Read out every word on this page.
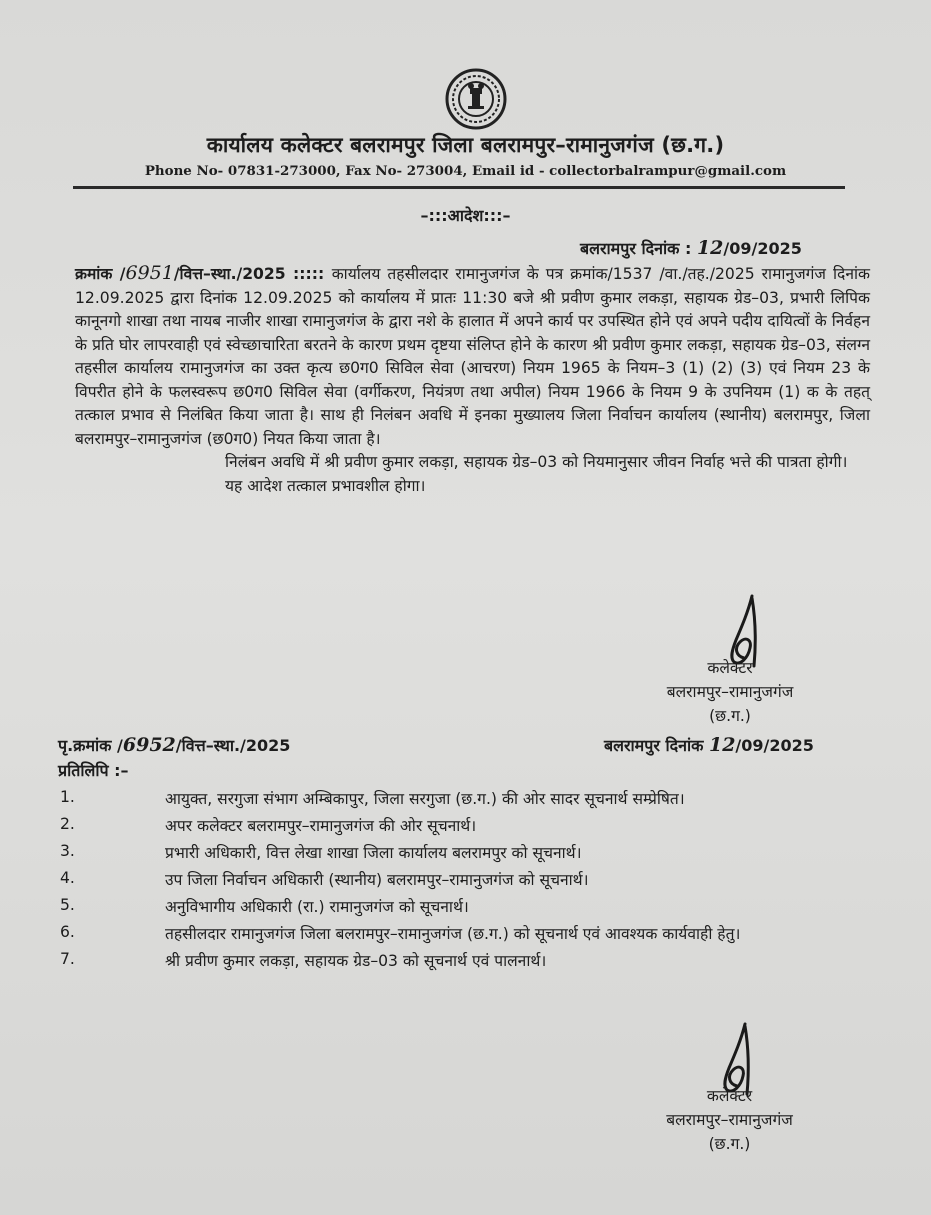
कार्यालय कलेक्टर बलरामपुर जिला बलरामपुर–रामानुजगंज (छ.ग.)
Phone No- 07831-273000, Fax No- 273004, Email id - collectorbalrampur@gmail.com
–:::आदेश:::–
बलरामपुर दिनांक : 12/09/2025

क्रमांक /6951/वित्त–स्था./2025 ::::: कार्यालय तहसीलदार रामानुजगंज के पत्र क्रमांक/1537 /वा./तह./2025 रामानुजगंज दिनांक 12.09.2025 द्वारा दिनांक 12.09.2025 को कार्यालय में प्रातः 11:30 बजे श्री प्रवीण कुमार लकड़ा, सहायक ग्रेड–03, प्रभारी लिपिक कानूनगो शाखा तथा नायब नाजीर शाखा रामानुजगंज के द्वारा नशे के हालात में अपने कार्य पर उपस्थित होने एवं अपने पदीय दायित्वों के निर्वहन के प्रति घोर लापरवाही एवं स्वेच्छाचारिता बरतने के कारण प्रथम दृष्टया संलिप्त होने के कारण श्री प्रवीण कुमार लकड़ा, सहायक ग्रेड–03, संलग्न तहसील कार्यालय रामानुजगंज का उक्त कृत्य छ0ग0 सिविल सेवा (आचरण) नियम 1965 के नियम–3 (1) (2) (3) एवं नियम 23 के विपरीत होने के फलस्वरूप छ0ग0 सिविल सेवा (वर्गीकरण, नियंत्रण तथा अपील) नियम 1966 के नियम 9 के उपनियम (1) क के तहत् तत्काल प्रभाव से निलंबित किया जाता है। साथ ही निलंबन अवधि में इनका मुख्यालय जिला निर्वाचन कार्यालय (स्थानीय) बलरामपुर, जिला बलरामपुर–रामानुजगंज (छ0ग0) नियत किया जाता है।

निलंबन अवधि में श्री प्रवीण कुमार लकड़ा, सहायक ग्रेड–03 को नियमानुसार जीवन निर्वाह भत्ते की पात्रता होगी।

यह आदेश तत्काल प्रभावशील होगा।

कलेक्टर
बलरामपुर–रामानुजगंज
(छ.ग.)
पृ.क्रमांक /6952/वित्त–स्था./2025	बलरामपुर दिनांक 12/09/2025
प्रतिलिपि :–
1.	आयुक्त, सरगुजा संभाग अम्बिकापुर, जिला सरगुजा (छ.ग.) की ओर सादर सूचनार्थ सम्प्रेषित।
2.	अपर कलेक्टर बलरामपुर–रामानुजगंज की ओर सूचनार्थ।
3.	प्रभारी अधिकारी, वित्त लेखा शाखा जिला कार्यालय बलरामपुर को सूचनार्थ।
4.	उप जिला निर्वाचन अधिकारी (स्थानीय) बलरामपुर–रामानुजगंज को सूचनार्थ।
5.	अनुविभागीय अधिकारी (रा.) रामानुजगंज को सूचनार्थ।
6.	तहसीलदार रामानुजगंज जिला बलरामपुर–रामानुजगंज (छ.ग.) को सूचनार्थ एवं आवश्यक कार्यवाही हेतु।
7.	श्री प्रवीण कुमार लकड़ा, सहायक ग्रेड–03 को सूचनार्थ एवं पालनार्थ।
कलेक्टर
बलरामपुर–रामानुजगंज
(छ.ग.)
